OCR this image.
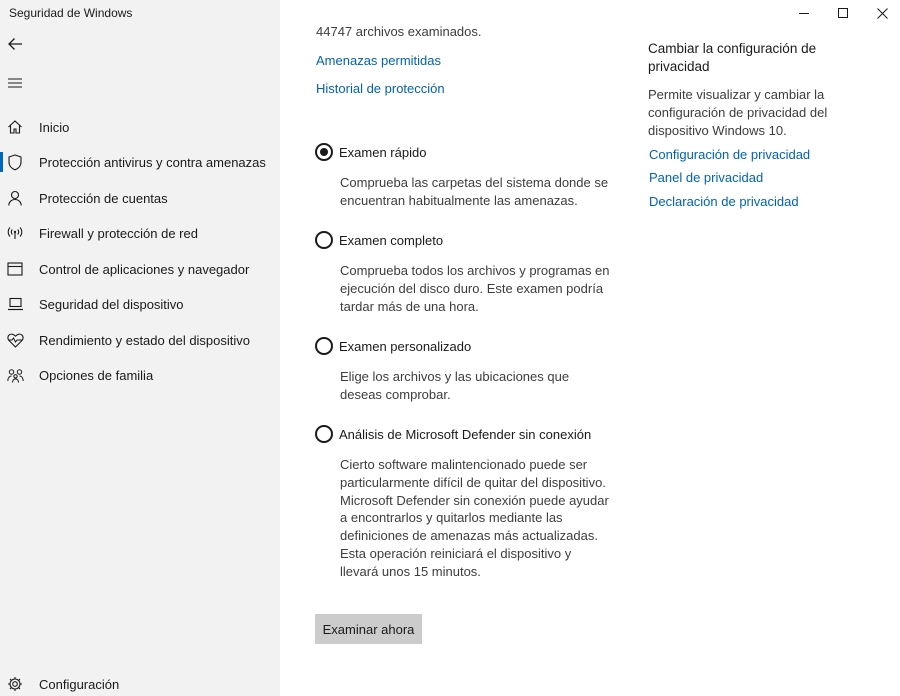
Inicio
Protección antivirus y contra amenazas
Protección de cuentas
Firewall y protección de red
Control de aplicaciones y navegador
Seguridad del dispositivo
Rendimiento y estado del dispositivo
Opciones de familia
Configuración
Seguridad de Windows
44747 archivos examinados.
Amenazas permitidas
Historial de protección
Examen rápido
Comprueba las carpetas del sistema donde se encuentran habitualmente las amenazas.
Examen completo
Comprueba todos los archivos y programas en ejecución del disco duro. Este examen podría tardar más de una hora.
Examen personalizado
Elige los archivos y las ubicaciones que deseas comprobar.
Análisis de Microsoft Defender sin conexión
Cierto software malintencionado puede ser particularmente difícil de quitar del dispositivo. Microsoft Defender sin conexión puede ayudar a encontrarlos y quitarlos mediante las definiciones de amenazas más actualizadas. Esta operación reiniciará el dispositivo y llevará unos 15 minutos.
Examinar ahora
Cambiar la configuración de privacidad
Permite visualizar y cambiar la configuración de privacidad del dispositivo Windows 10.
Configuración de privacidad
Panel de privacidad
Declaración de privacidad
